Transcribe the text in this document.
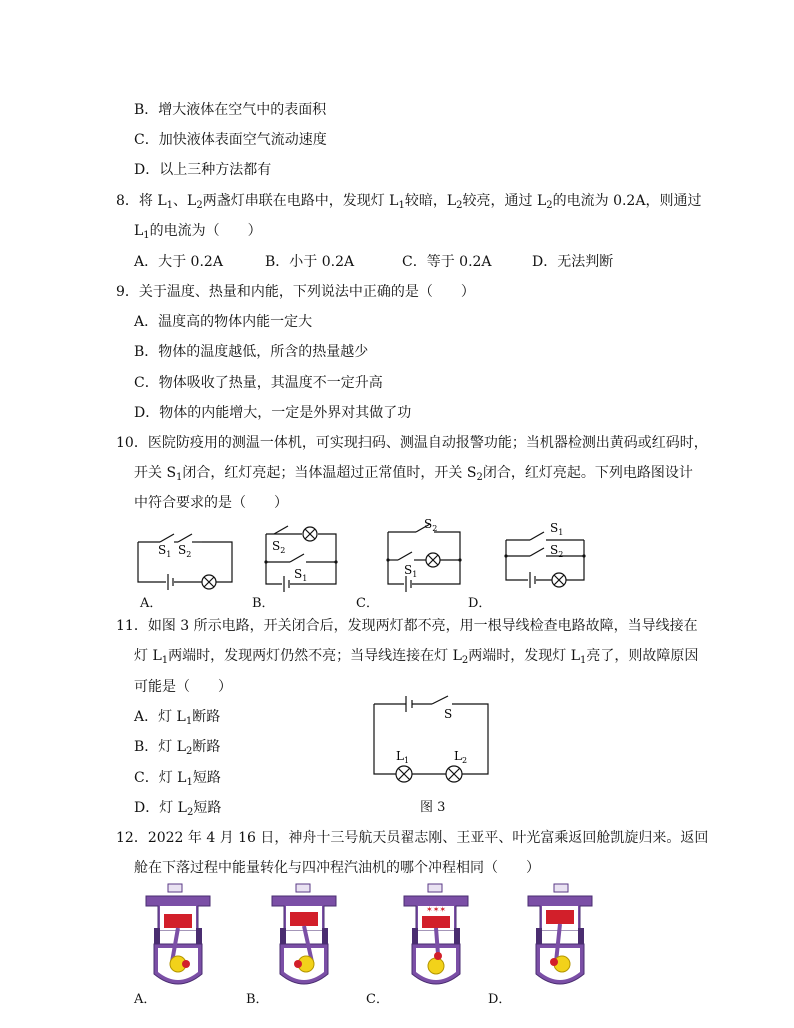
B．增大液体在空气中的表面积
C．加快液体表面空气流动速度
D．以上三种方法都有
8．将 $L_1$、$L_2$两盏灯串联在电路中，发现灯 $L_1$较暗，$L_2$较亮，通过 $L_2$的电流为 0.2A，则通过
$L_1$的电流为（　　）
A．大于 0.2A	B．小于 0.2A	C．等于 0.2A	D．无法判断
9．关于温度、热量和内能，下列说法中正确的是（　　）
A．温度高的物体内能一定大
B．物体的温度越低，所含的热量越少
C．物体吸收了热量，其温度不一定升高
D．物体的内能增大，一定是外界对其做了功
10．医院防疫用的测温一体机，可实现扫码、测温自动报警功能；当机器检测出黄码或红码时，
开关 $S_1$闭合，红灯亮起；当体温超过正常值时，开关 $S_2$闭合，红灯亮起。下列电路图设计
中符合要求的是（　　）
$S_1$ $S_2$
A．
$S_2$
$S_1$
B．
$S_2$
$S_1$
C．
$S_1$
$S_2$
D．
11．如图 3 所示电路，开关闭合后，发现两灯都不亮，用一根导线检查电路故障，当导线接在
灯 $L_1$两端时，发现两灯仍然不亮；当导线连接在灯 $L_2$两端时，发现灯 $L_1$亮了，则故障原因
可能是（　　）
A．灯 $L_1$断路
B．灯 $L_2$断路
C．灯 $L_1$短路
D．灯 $L_2$短路
S
$L_1$	$L_2$
图 3
12．2022 年 4 月 16 日，神舟十三号航天员翟志刚、王亚平、叶光富乘返回舱凯旋归来。返回
舱在下落过程中能量转化与四冲程汽油机的哪个冲程相同（　　）
A．	B．
✶✶✶
C．	D．
